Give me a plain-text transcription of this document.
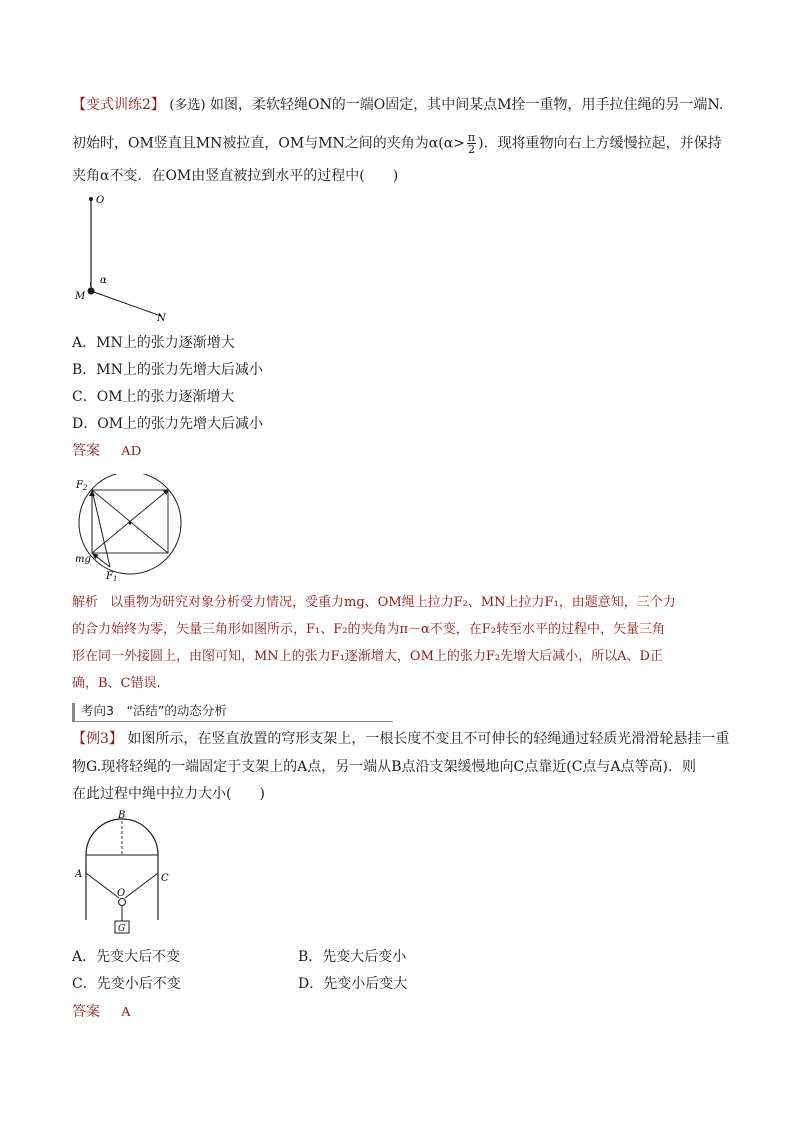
【变式训练2】 (多选) 如图，柔软轻绳ON的一端O固定，其中间某点M拴一重物，用手拉住绳的另一端N.
初始时，OM竖直且MN被拉直，OM与MN之间的夹角为$\alpha(\alpha> \frac{\pi}{2}$ )．现将重物向右上方缓慢拉起，并保持
夹角α不变．在OM由竖直被拉到水平的过程中(　　)
O
M
N
α
A．MN上的张力逐渐增大
B．MN上的张力先增大后减小
C．OM上的张力逐渐增大
D．OM上的张力先增大后减小
答案 AD
$F_2$
mg
$F_1$
解析 以重物为研究对象分析受力情况，受重力mg、OM绳上拉力F₂、MN上拉力F₁，由题意知，三个力
的合力始终为零，矢量三角形如图所示，F₁、F₂的夹角为π－α不变，在F₂转至水平的过程中，矢量三角
形在同一外接圆上，由图可知，MN上的张力F₁逐渐增大，OM上的张力F₂先增大后减小，所以A、D正
确，B、C错误.
考向3　“活结”的动态分析
【例3】 如图所示，在竖直放置的穹形支架上，一根长度不变且不可伸长的轻绳通过轻质光滑滑轮悬挂一重
物G.现将轻绳的一端固定于支架上的A点，另一端从B点沿支架缓慢地向C点靠近(C点与A点等高)．则
在此过程中绳中拉力大小(　　)
G
B
A	C
O
A．先变大后不变	B．先变大后变小
C．先变小后不变	D．先变小后变大
答案 A
